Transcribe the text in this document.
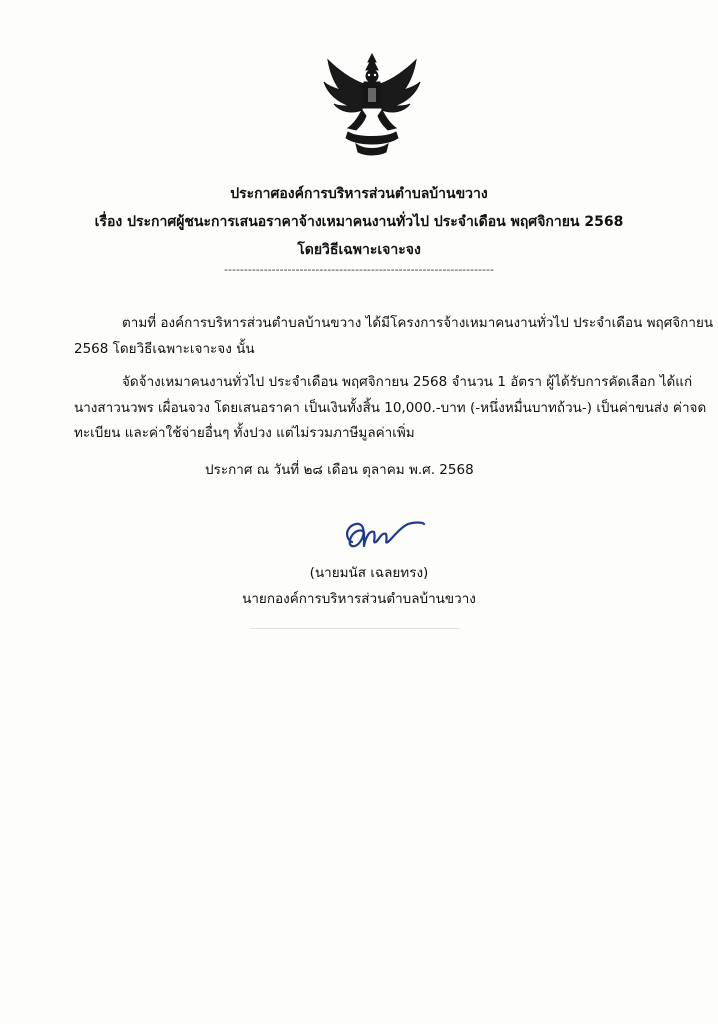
ประกาศองค์การบริหารส่วนตำบลบ้านขวาง
เรื่อง ประกาศผู้ชนะการเสนอราคาจ้างเหมาคนงานทั่วไป ประจำเดือน พฤศจิกายน 2568
โดยวิธีเฉพาะเจาะจง
--------------------------------------------------------------------
ตามที่ องค์การบริหารส่วนตำบลบ้านขวาง ได้มีโครงการจ้างเหมาคนงานทั่วไป ประจำเดือน พฤศจิกายน
2568 โดยวิธีเฉพาะเจาะจง นั้น
จัดจ้างเหมาคนงานทั่วไป ประจำเดือน พฤศจิกายน 2568 จำนวน 1 อัตรา ผู้ได้รับการคัดเลือก ได้แก่
นางสาวนวพร เผื่อนจวง โดยเสนอราคา เป็นเงินทั้งสิ้น 10,000.-บาท (-หนึ่งหมื่นบาทถ้วน-) เป็นค่าขนส่ง ค่าจด
ทะเบียน และค่าใช้จ่ายอื่นๆ ทั้งปวง แต่ไม่รวมภาษีมูลค่าเพิ่ม
ประกาศ ณ วันที่ ๒๘ เดือน ตุลาคม พ.ศ. 2568
(นายมนัส เฉลยทรง)
นายกองค์การบริหารส่วนตำบลบ้านขวาง
